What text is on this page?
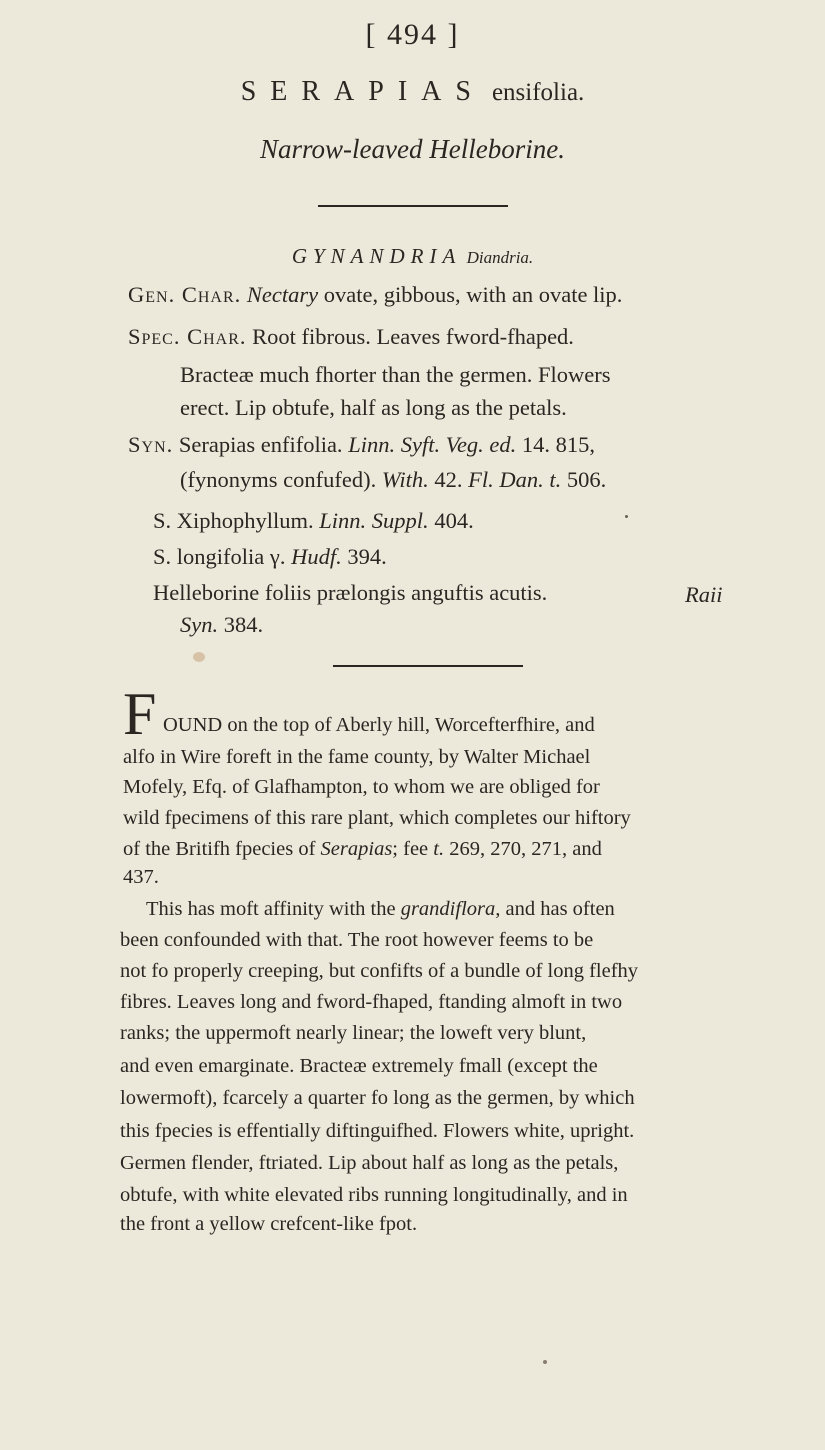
[ 494 ]
SERAPIAS ensifolia.
Narrow-leaved Helleborine.
GYNANDRIA Diandria.
Gen. Char. Nectary ovate, gibbous, with an ovate lip.
Spec. Char. Root fibrous. Leaves fword-fhaped.
Bracteæ much fhorter than the germen. Flowers
erect. Lip obtufe, half as long as the petals.
Syn. Serapias enfifolia. Linn. Syft. Veg. ed. 14. 815,
(fynonyms confufed). With. 42. Fl. Dan. t. 506.
S. Xiphophyllum. Linn. Suppl. 404.
S. longifolia γ. Hudf. 394.
Helleborine foliis prælongis anguftis acutis.	Raii
Syn. 384.
F OUND on the top of Aberly hill, Worcefterfhire, and
alfo in Wire foreft in the fame county, by Walter Michael
Mofely, Efq. of Glafhampton, to whom we are obliged for
wild fpecimens of this rare plant, which completes our hiftory
of the Britifh fpecies of Serapias; fee t. 269, 270, 271, and
437.
This has moft affinity with the grandiflora, and has often
been confounded with that. The root however feems to be
not fo properly creeping, but confifts of a bundle of long flefhy
fibres. Leaves long and fword-fhaped, ftanding almoft in two
ranks; the uppermoft nearly linear; the loweft very blunt,
and even emarginate. Bracteæ extremely fmall (except the
lowermoft), fcarcely a quarter fo long as the germen, by which
this fpecies is effentially diftinguifhed. Flowers white, upright.
Germen flender, ftriated. Lip about half as long as the petals,
obtufe, with white elevated ribs running longitudinally, and in
the front a yellow crefcent-like fpot.
